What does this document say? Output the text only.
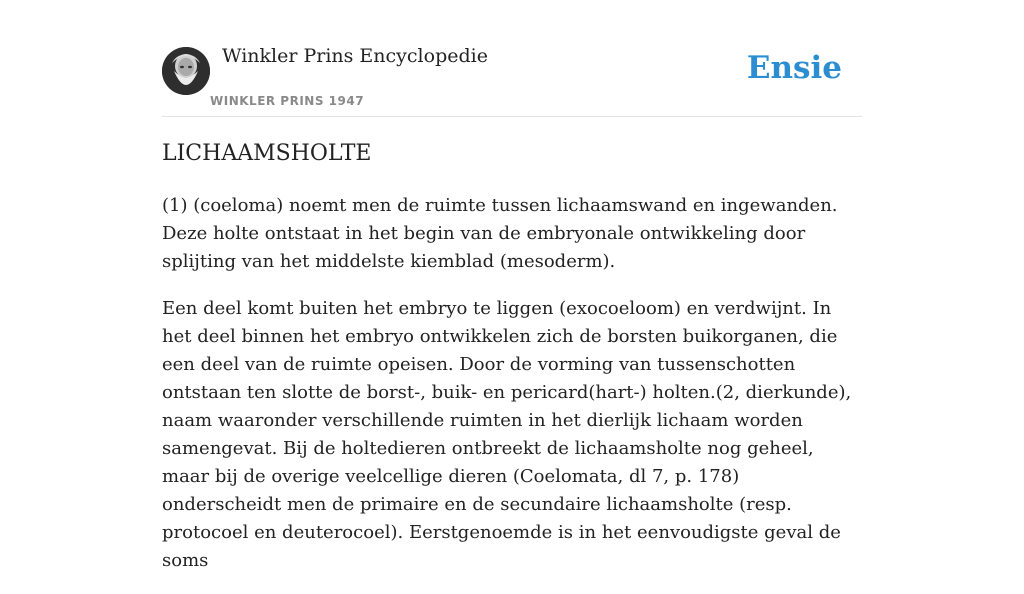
Winkler Prins Encyclopedie
WINKLER PRINS 1947
Ensie
LICHAAMSHOLTE

(1) (coeloma) noemt men de ruimte tussen lichaamswand en ingewanden. Deze holte ontstaat in het begin van de embryonale ontwikkeling door splijting van het middelste kiemblad (mesoderm).

Een deel komt buiten het embryo te liggen (exocoeloom) en verdwijnt. In het deel binnen het embryo ontwikkelen zich de borsten buikorganen, die een deel van de ruimte opeisen. Door de vorming van tussenschotten ontstaan ten slotte de borst-, buik- en pericard(hart-) holten.(2, dierkunde), naam waaronder verschillende ruimten in het dierlijk lichaam worden samengevat. Bij de holtedieren ontbreekt de lichaamsholte nog geheel, maar bij de overige veelcellige dieren (Coelomata, dl 7, p. 178) onderscheidt men de primaire en de secundaire lichaamsholte (resp. protocoel en deuterocoel). Eerstgenoemde is in het eenvoudigste geval de soms
